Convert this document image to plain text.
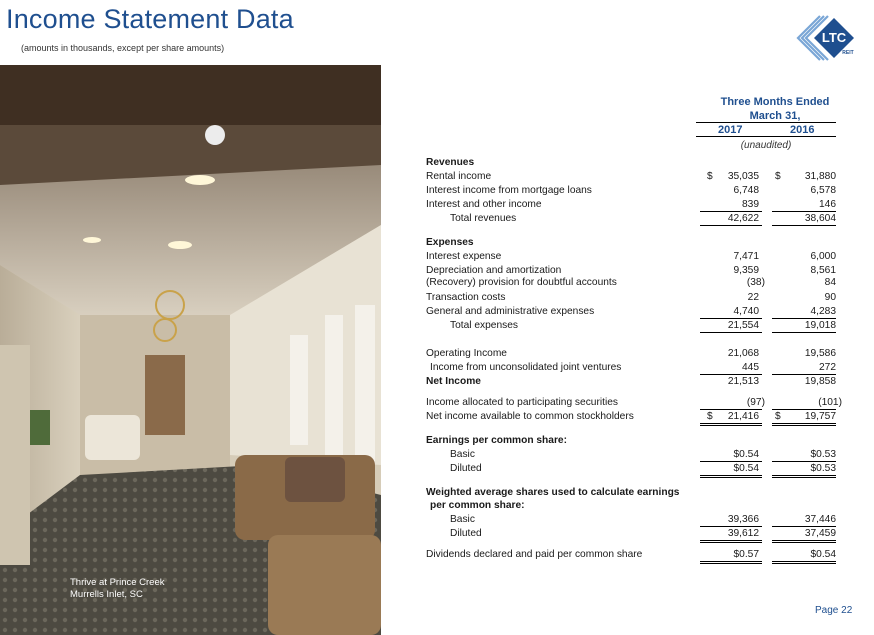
Income Statement Data
(amounts in thousands, except per share amounts)
LTC
REIT
Thrive at Prince Creek
Murrells Inlet, SC
Three Months Ended
March 31,
2017	2016
(unaudited)
Revenues
Rental income	$	35,035 $	31,880
Interest income from mortgage loans	6,748	6,578
Interest and other income	839	146
Total revenues	42,622	38,604
Expenses
Interest expense	7,471	6,000
Depreciation and amortization	9,359	8,561
(Recovery) provision for doubtful accounts	(38)	84
Transaction costs	22	90
General and administrative expenses	4,740	4,283
Total expenses	21,554	19,018
Operating Income	21,068	19,586
Income from unconsolidated joint ventures	445	272
Net Income	21,513	19,858
Income allocated to participating securities	(97)	(101)
Net income available to common stockholders	$	21,416 $	19,757
Earnings per common share:
Basic	$0.54	$0.53
Diluted	$0.54	$0.53
Weighted average shares used to calculate earnings
per common share:
Basic	39,366	37,446
Diluted	39,612	37,459
Dividends declared and paid per common share	$0.57	$0.54
Page 22
